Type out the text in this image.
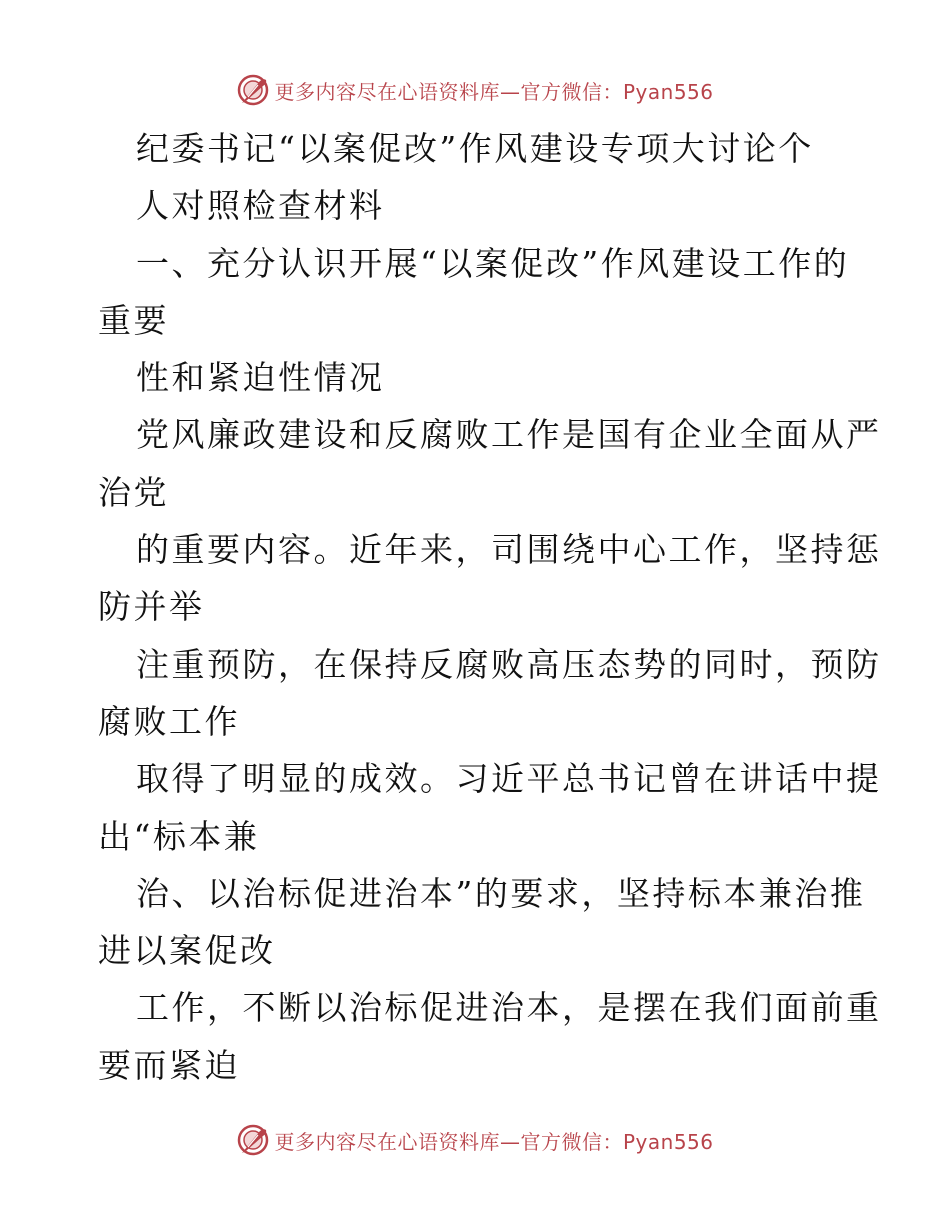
更多内容尽在心语资料库—官方微信：Pyan556
纪委书记“以案促改”作风建设专项大讨论个
人对照检查材料
一、充分认识开展“以案促改”作风建设工作的
重要
性和紧迫性情况
党风廉政建设和反腐败工作是国有企业全面从严
治党
的重要内容。近年来，司围绕中心工作，坚持惩
防并举
注重预防，在保持反腐败高压态势的同时，预防
腐败工作
取得了明显的成效。习近平总书记曾在讲话中提
出“标本兼
治、以治标促进治本”的要求，坚持标本兼治推
进以案促改
工作，不断以治标促进治本，是摆在我们面前重
要而紧迫
更多内容尽在心语资料库—官方微信：Pyan556
